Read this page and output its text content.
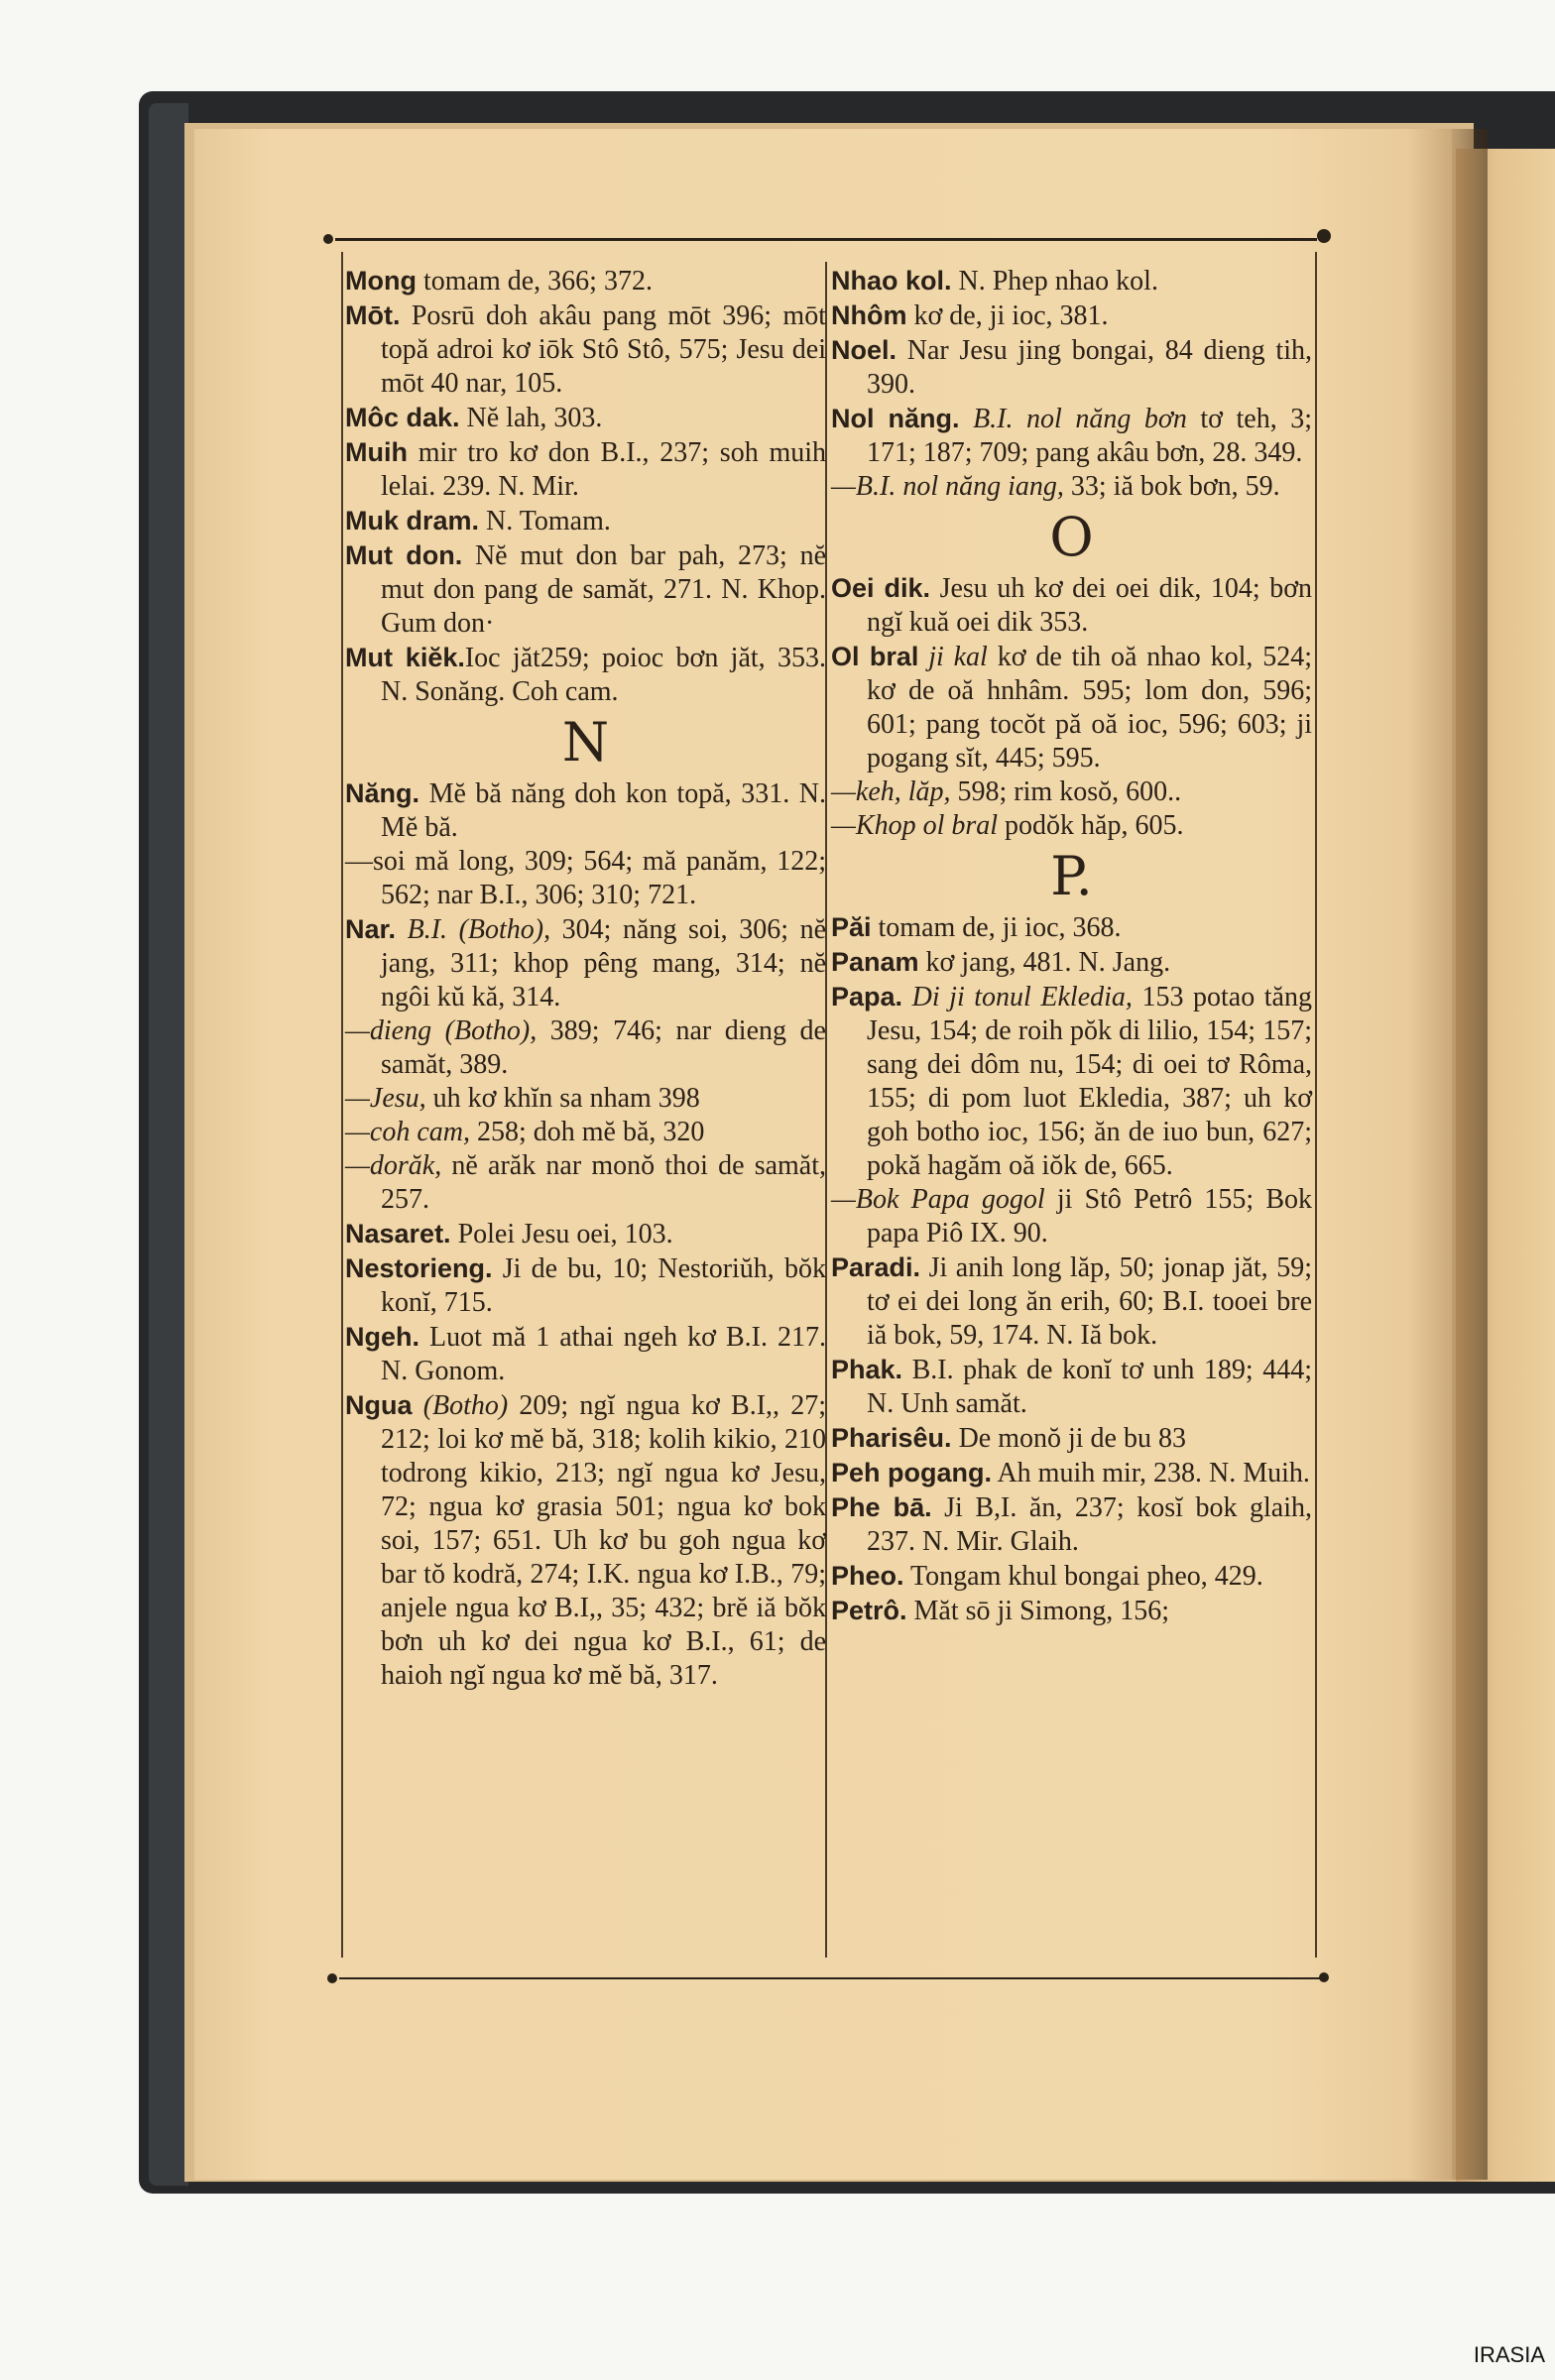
Mong tomam de, 366; 372.

Mōt. Posrū doh akâu pang mōt 396; mōt topă adroi kơ iōk Stô Stô, 575; Jesu dei mōt 40 nar, 105.

Môc dak. Nĕ lah, 303.

Muih mir tro kơ don B.I., 237; soh muih lelai. 239. N. Mir.

Muk dram. N. Tomam.

Mut don. Nĕ mut don bar pah, 273; nĕ mut don pang de samăt, 271. N. Khop. Gum don·

Mut kiĕk.Ioc jăt259; poioc bơn jăt, 353. N. Sonăng. Coh cam.

N

Năng. Mĕ bă năng doh kon topă, 331. N. Mĕ bă.

—soi mă long, 309; 564; mă panăm, 122; 562; nar B.I., 306; 310; 721.

Nar. B.I. (Botho), 304; năng soi, 306; nĕ jang, 311; khop pêng mang, 314; nĕ ngôi kŭ kă, 314.

—dieng (Botho), 389; 746; nar dieng de samăt, 389.

—Jesu, uh kơ khĭn sa nham 398

—coh cam, 258; doh mĕ bă, 320

—dorăk, nĕ arăk nar monŏ thoi de samăt, 257.

Nasaret. Polei Jesu oei, 103.

Nestorieng. Ji de bu, 10; Nestoriŭh, bŏk konĭ, 715.

Ngeh. Luot mă 1 athai ngeh kơ B.I. 217. N. Gonom.

Ngua (Botho) 209; ngĭ ngua kơ B.I,, 27; 212; loi kơ mĕ bă, 318; kolih kikio, 210 todrong kikio, 213; ngĭ ngua kơ Jesu, 72; ngua kơ grasia 501; ngua kơ bok soi, 157; 651. Uh kơ bu goh ngua kơ bar tŏ kodră, 274; I.K. ngua kơ I.B., 79; anjele ngua kơ B.I,, 35; 432; brĕ iă bŏk bơn uh kơ dei ngua kơ B.I., 61; de haioh ngĭ ngua kơ mĕ bă, 317.

Nhao kol. N. Phep nhao kol.

Nhôm kơ de, ji ioc, 381.

Noel. Nar Jesu jing bongai, 84 dieng tih, 390.

Nol năng. B.I. nol năng bơn tơ teh, 3; 171; 187; 709; pang akâu bơn, 28. 349.

—B.I. nol năng iang, 33; iă bok bơn, 59.

O

Oei dik. Jesu uh kơ dei oei dik, 104; bơn ngĭ kuă oei dik 353.

Ol bral ji kal kơ de tih oă nhao kol, 524; kơ de oă hnhâm. 595; lom don, 596; 601; pang tocŏt pă oă ioc, 596; 603; ji pogang sĭt, 445; 595.

—keh, lăp, 598; rim kosŏ, 600..

—Khop ol bral podŏk hăp, 605.

P.

Păi tomam de, ji ioc, 368.

Panam kơ jang, 481. N. Jang.

Papa. Di ji tonul Ekledia, 153 potao tăng Jesu, 154; de roih pŏk di lilio, 154; 157; sang dei dôm nu, 154; di oei tơ Rôma, 155; di pom luot Ekledia, 387; uh kơ goh botho ioc, 156; ăn de iuo bun, 627; pokă hagăm oă iŏk de, 665.

—Bok Papa gogol ji Stô Petrô 155; Bok papa Piô IX. 90.

Paradi. Ji anih long lăp, 50; jonap jăt, 59; tơ ei dei long ăn erih, 60; B.I. tooei bre iă bok, 59, 174. N. Iă bok.

Phak. B.I. phak de konĭ tơ unh 189; 444; N. Unh samăt.

Pharisêu. De monŏ ji de bu 83

Peh pogang. Ah muih mir, 238. N. Muih.

Phe bā. Ji B,I. ăn, 237; kosĭ bok glaih, 237. N. Mir. Glaih.

Pheo. Tongam khul bongai pheo, 429.

Petrô. Măt sō ji Simong, 156;

IRASIA
